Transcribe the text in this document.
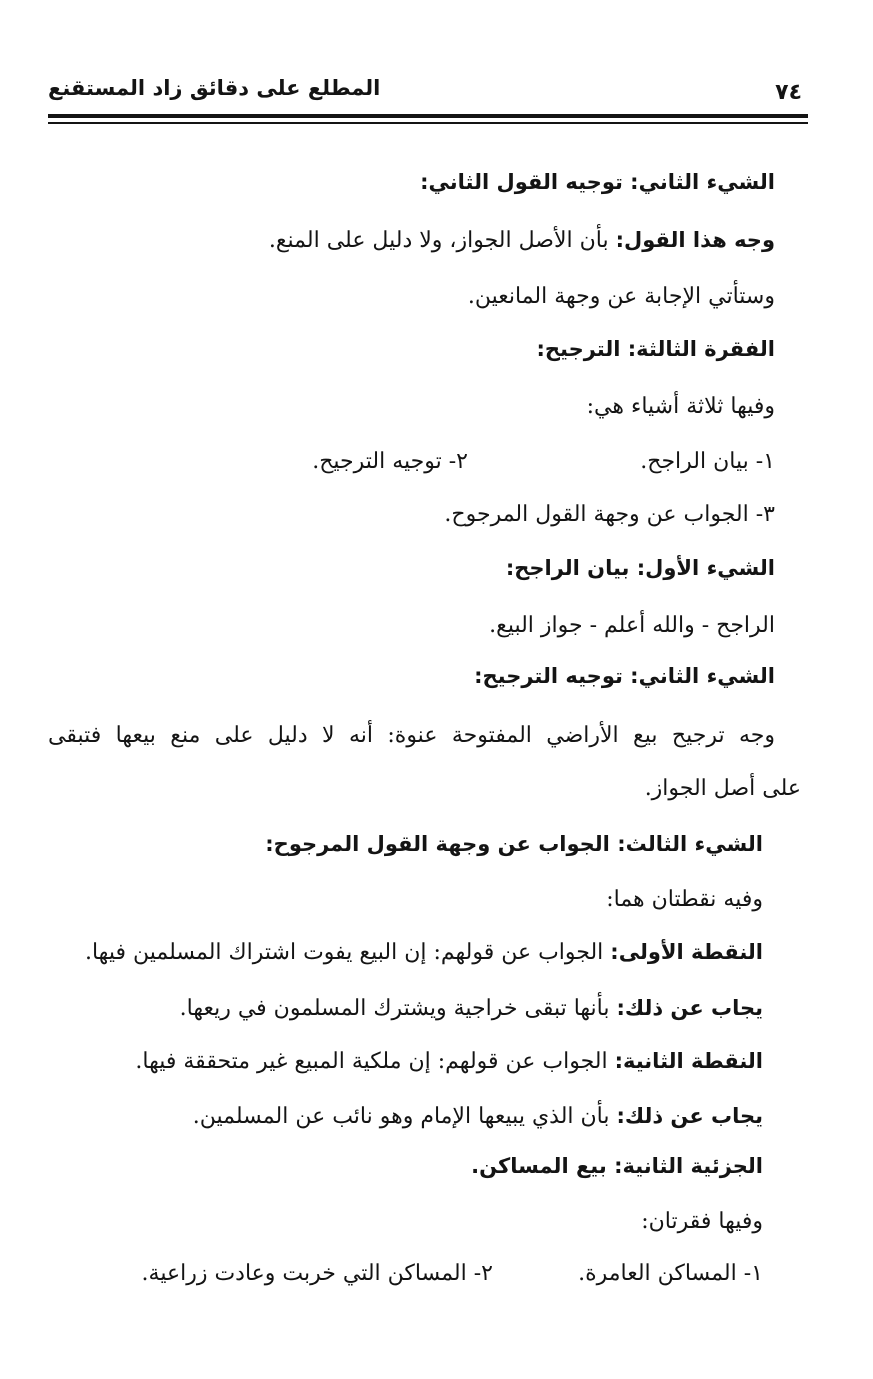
المطلع على دقائق زاد المستقنع	٧٤
الشيء الثاني: توجيه القول الثاني:
وجه هذا القول: بأن الأصل الجواز، ولا دليل على المنع.
وستأتي الإجابة عن وجهة المانعين.
الفقرة الثالثة: الترجيح:
وفيها ثلاثة أشياء هي:
١- بيان الراجح.
٢- توجيه الترجيح.
٣- الجواب عن وجهة القول المرجوح.
الشيء الأول: بيان الراجح:
الراجح - والله أعلم - جواز البيع.
الشيء الثاني: توجيه الترجيح:
وجه ترجيح بيع الأراضي المفتوحة عنوة: أنه لا دليل على منع بيعها فتبقى
على أصل الجواز.
الشيء الثالث: الجواب عن وجهة القول المرجوح:
وفيه نقطتان هما:
النقطة الأولى: الجواب عن قولهم: إن البيع يفوت اشتراك المسلمين فيها.
يجاب عن ذلك: بأنها تبقى خراجية ويشترك المسلمون في ريعها.
النقطة الثانية: الجواب عن قولهم: إن ملكية المبيع غير متحققة فيها.
يجاب عن ذلك: بأن الذي يبيعها الإمام وهو نائب عن المسلمين.
الجزئية الثانية: بيع المساكن.
وفيها فقرتان:
١- المساكن العامرة.
٢- المساكن التي خربت وعادت زراعية.
